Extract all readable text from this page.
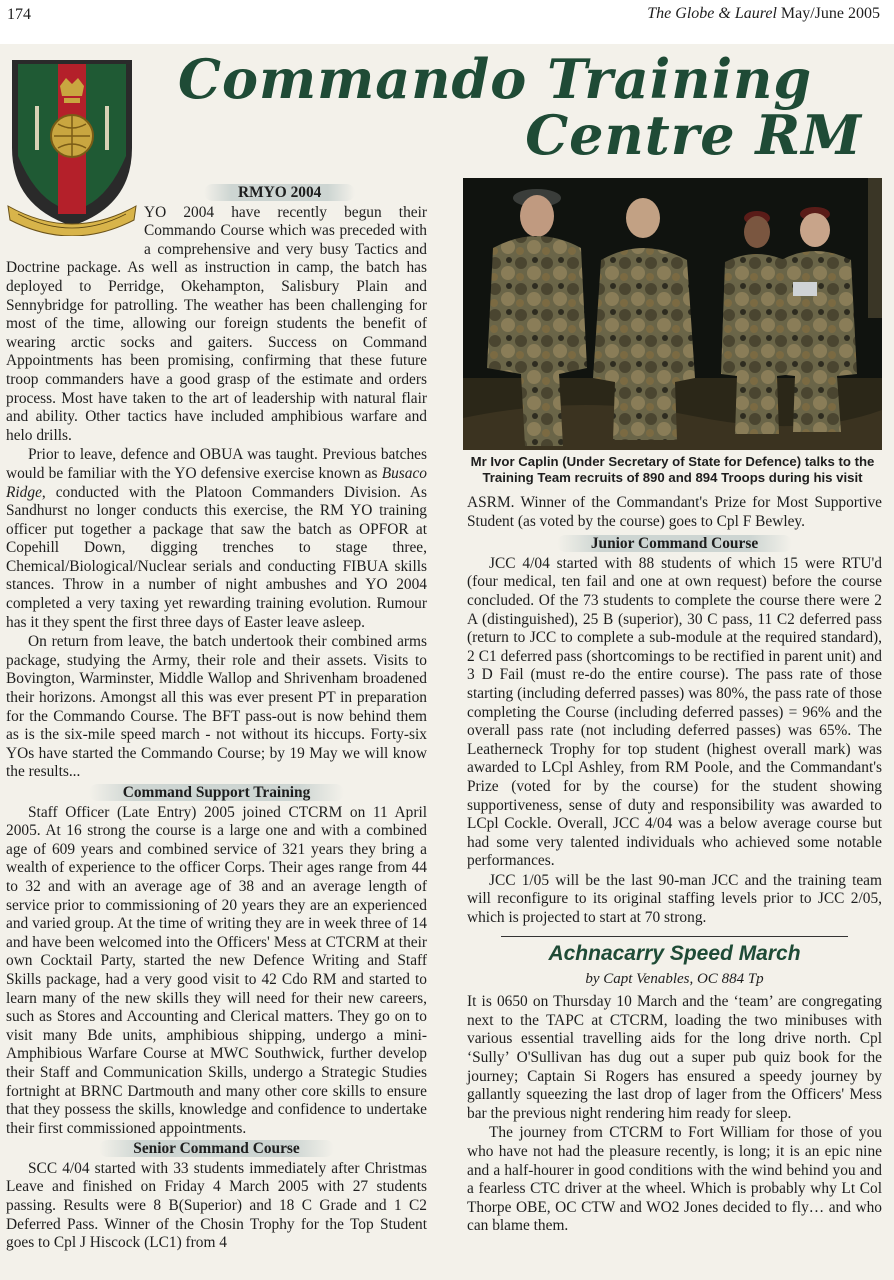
174	The Globe & Laurel May/June 2005
Commando Training
Centre RM
RMYO 2004

YO 2004 have recently begun their Commando Course which was preceded with a comprehensive and very busy Tactics and Doctrine package. As well as instruction in camp, the batch has deployed to Perridge, Okehampton, Salisbury Plain and Sennybridge for patrolling. The weather has been challenging for most of the time, allowing our foreign students the benefit of wearing arctic socks and gaiters. Success on Command Appointments has been promising, confirming that these future troop commanders have a good grasp of the estimate and orders process. Most have taken to the art of leadership with natural flair and ability. Other tactics have included amphibious warfare and helo drills.

Prior to leave, defence and OBUA was taught. Previous batches would be familiar with the YO defensive exercise known as Busaco Ridge, conducted with the Platoon Commanders Division. As Sandhurst no longer conducts this exercise, the RM YO training officer put together a package that saw the batch as OPFOR at Copehill Down, digging trenches to stage three, Chemical/Biological/Nuclear serials and conducting FIBUA skills stances. Throw in a number of night ambushes and YO 2004 completed a very taxing yet rewarding training evolution. Rumour has it they spent the first three days of Easter leave asleep.

On return from leave, the batch undertook their combined arms package, studying the Army, their role and their assets. Visits to Bovington, Warminster, Middle Wallop and Shrivenham broadened their horizons. Amongst all this was ever present PT in preparation for the Commando Course. The BFT pass-out is now behind them as is the six-mile speed march - not without its hiccups. Forty-six YOs have started the Commando Course; by 19 May we will know the results...

Command Support Training

Staff Officer (Late Entry) 2005 joined CTCRM on 11 April 2005. At 16 strong the course is a large one and with a combined age of 609 years and combined service of 321 years they bring a wealth of experience to the officer Corps. Their ages range from 44 to 32 and with an average age of 38 and an average length of service prior to commissioning of 20 years they are an experienced and varied group. At the time of writing they are in week three of 14 and have been welcomed into the Officers' Mess at CTCRM at their own Cocktail Party, started the new Defence Writing and Staff Skills package, had a very good visit to 42 Cdo RM and started to learn many of the new skills they will need for their new careers, such as Stores and Accounting and Clerical matters. They go on to visit many Bde units, amphibious shipping, undergo a mini-Amphibious Warfare Course at MWC Southwick, further develop their Staff and Communication Skills, undergo a Strategic Studies fortnight at BRNC Dartmouth and many other core skills to ensure that they possess the skills, knowledge and confidence to undertake their first commissioned appointments.

Senior Command Course

SCC 4/04 started with 33 students immediately after Christmas Leave and finished on Friday 4 March 2005 with 27 students passing. Results were 8 B(Superior) and 18 C Grade and 1 C2 Deferred Pass. Winner of the Chosin Trophy for the Top Student goes to Cpl J Hiscock (LC1) from 4

Mr Ivor Caplin (Under Secretary of State for Defence) talks to the Training Team recruits of 890 and 894 Troops during his visit

ASRM. Winner of the Commandant's Prize for Most Supportive Student (as voted by the course) goes to Cpl F Bewley.

Junior Command Course

JCC 4/04 started with 88 students of which 15 were RTU'd (four medical, ten fail and one at own request) before the course concluded. Of the 73 students to complete the course there were 2 A (distinguished), 25 B (superior), 30 C pass, 11 C2 deferred pass (return to JCC to complete a sub-module at the required standard), 2 C1 deferred pass (shortcomings to be rectified in parent unit) and 3 D Fail (must re-do the entire course). The pass rate of those starting (including deferred passes) was 80%, the pass rate of those completing the Course (including deferred passes) = 96% and the overall pass rate (not including deferred passes) was 65%. The Leatherneck Trophy for top student (highest overall mark) was awarded to LCpl Ashley, from RM Poole, and the Commandant's Prize (voted for by the course) for the student showing supportiveness, sense of duty and responsibility was awarded to LCpl Cockle. Overall, JCC 4/04 was a below average course but had some very talented individuals who achieved some notable performances.

JCC 1/05 will be the last 90-man JCC and the training team will reconfigure to its original staffing levels prior to JCC 2/05, which is projected to start at 70 strong.

Achnacarry Speed March
by Capt Venables, OC 884 Tp

It is 0650 on Thursday 10 March and the ‘team’ are congregating next to the TAPC at CTCRM, loading the two minibuses with various essential travelling aids for the long drive north. Cpl ‘Sully’ O'Sullivan has dug out a super pub quiz book for the journey; Captain Si Rogers has ensured a speedy journey by gallantly squeezing the last drop of lager from the Officers' Mess bar the previous night rendering him ready for sleep.

The journey from CTCRM to Fort William for those of you who have not had the pleasure recently, is long; it is an epic nine and a half-hourer in good conditions with the wind behind you and a fearless CTC driver at the wheel. Which is probably why Lt Col Thorpe OBE, OC CTW and WO2 Jones decided to fly… and who can blame them.
